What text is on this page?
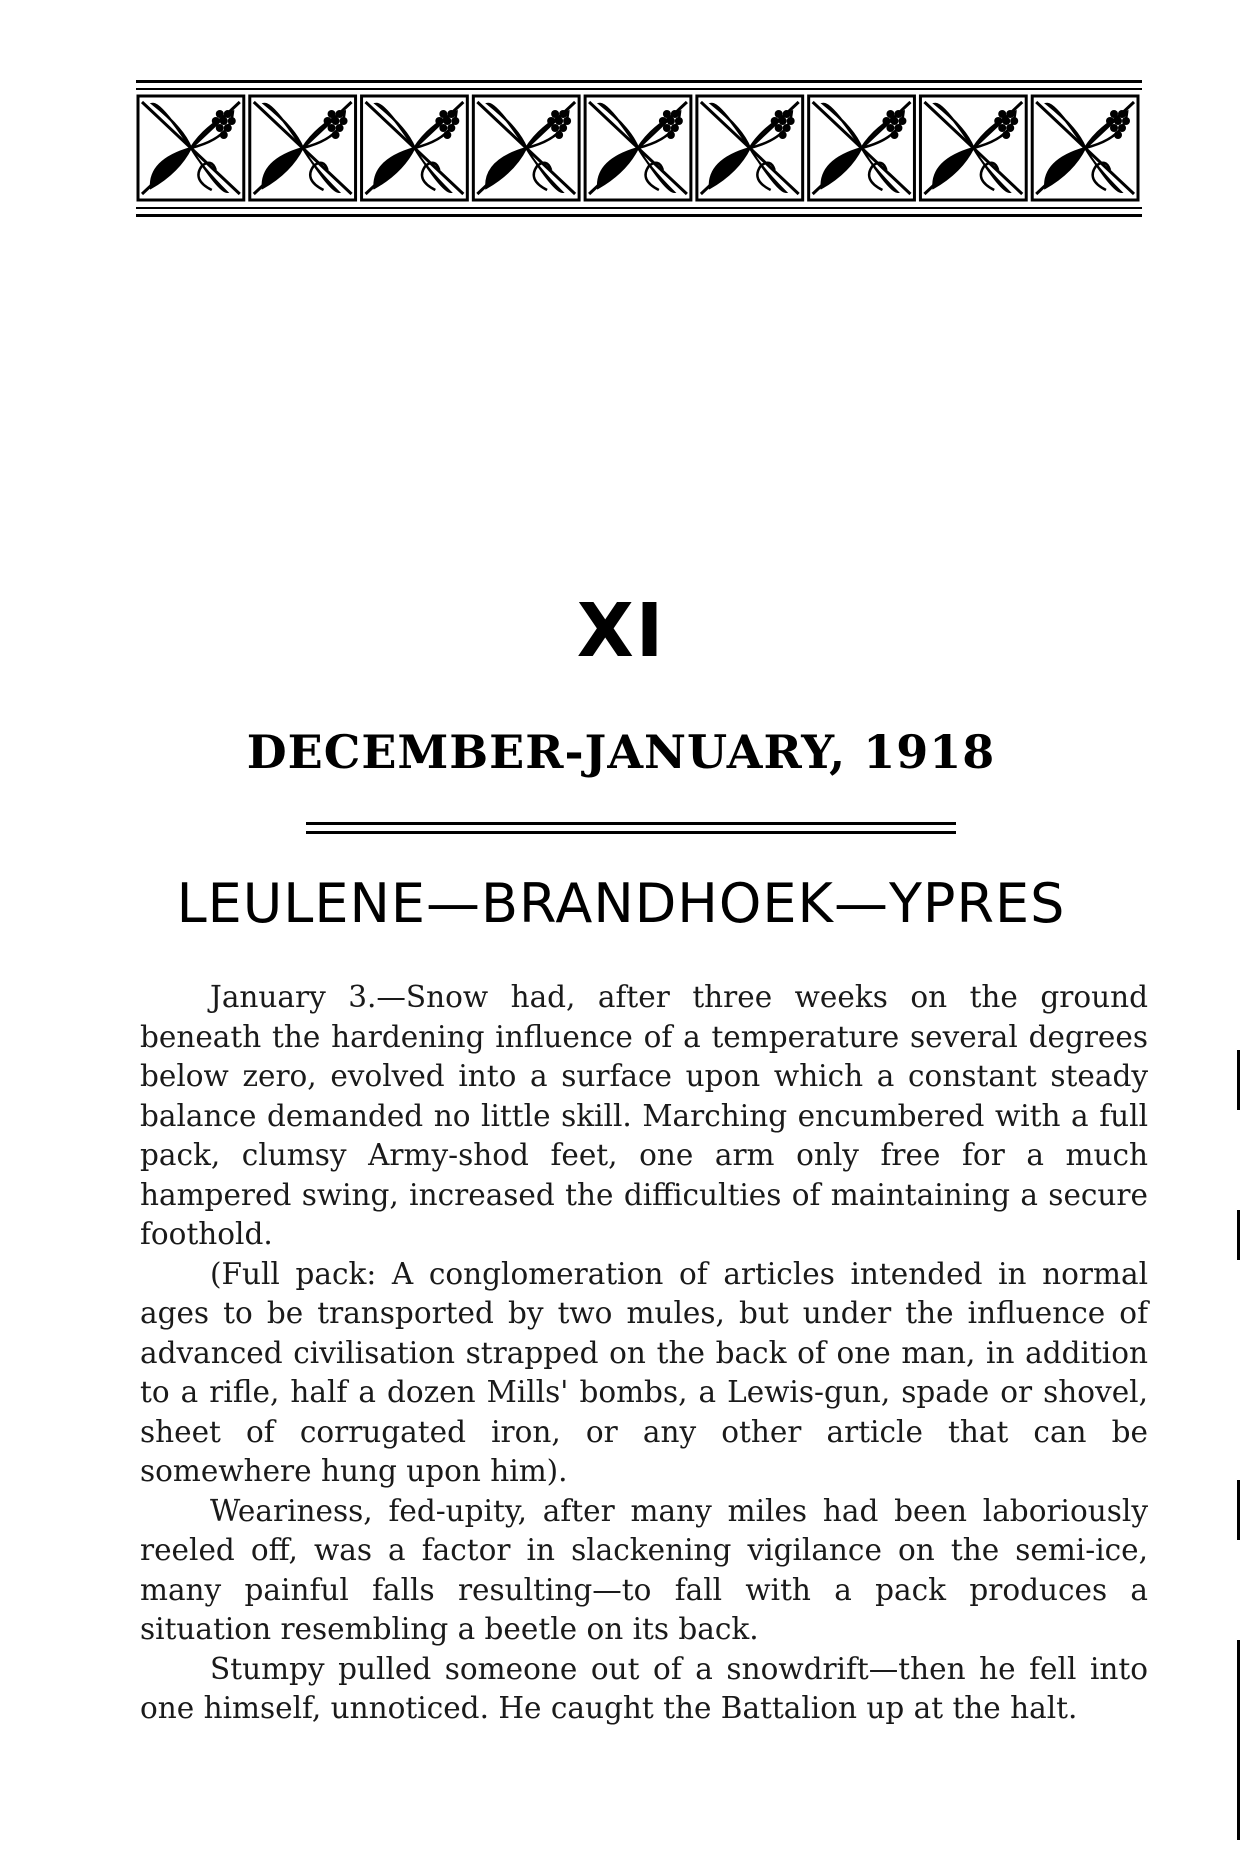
XI
DECEMBER-JANUARY, 1918
LEULENE—BRANDHOEK—YPRES

January 3.—Snow had, after three weeks on the ground beneath the hardening influence of a temperature several degrees below zero, evolved into a surface upon which a constant steady balance demanded no little skill. Marching encumbered with a full pack, clumsy Army-shod feet, one arm only free for a much hampered swing, increased the difficulties of maintaining a secure foothold.

(Full pack: A conglomeration of articles intended in normal ages to be transported by two mules, but under the influence of advanced civilisation strapped on the back of one man, in addition to a rifle, half a dozen Mills' bombs, a Lewis-gun, spade or shovel, sheet of corrugated iron, or any other article that can be somewhere hung upon him).

Weariness, fed-upity, after many miles had been laboriously reeled off, was a factor in slackening vigilance on the semi-ice, many painful falls resulting—to fall with a pack produces a situation resembling a beetle on its back.

Stumpy pulled someone out of a snowdrift—then he fell into one himself, unnoticed. He caught the Battalion up at the halt.
